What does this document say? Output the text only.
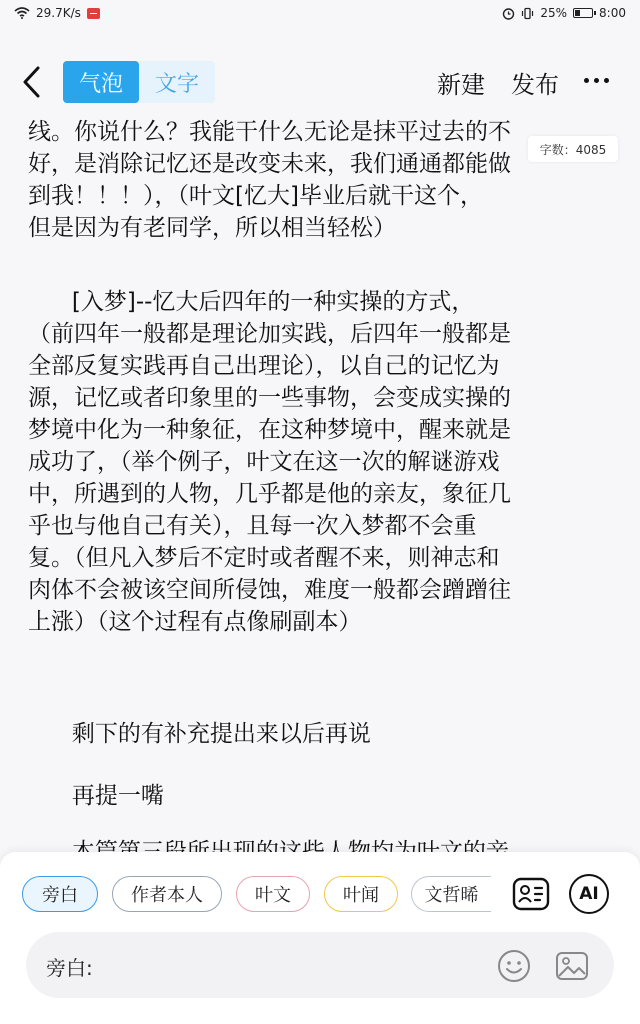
29.7K/s	25%	8:00
气泡	文字	新建 发布
线。你说什么？我能干什么无论是抹平过去的不
好，是消除记忆还是改变未来，我们通通都能做
到我！！！），（叶文[忆大]毕业后就干这个，
但是因为有老同学，所以相当轻松）
[入梦]--忆大后四年的一种实操的方式，
（前四年一般都是理论加实践，后四年一般都是
全部反复实践再自己出理论），以自己的记忆为
源，记忆或者印象里的一些事物，会变成实操的
梦境中化为一种象征，在这种梦境中，醒来就是
成功了，（举个例子，叶文在这一次的解谜游戏
中，所遇到的人物，几乎都是他的亲友，象征几
乎也与他自己有关），且每一次入梦都不会重
复。（但凡入梦后不定时或者醒不来，则神志和
肉体不会被该空间所侵蚀，难度一般都会蹭蹭往
上涨）（这个过程有点像刷副本）
剩下的有补充提出来以后再说
再提一嘴
字数：4085
旁白	作者本人	叶文	叶闻	文哲晞	AI
旁白:
